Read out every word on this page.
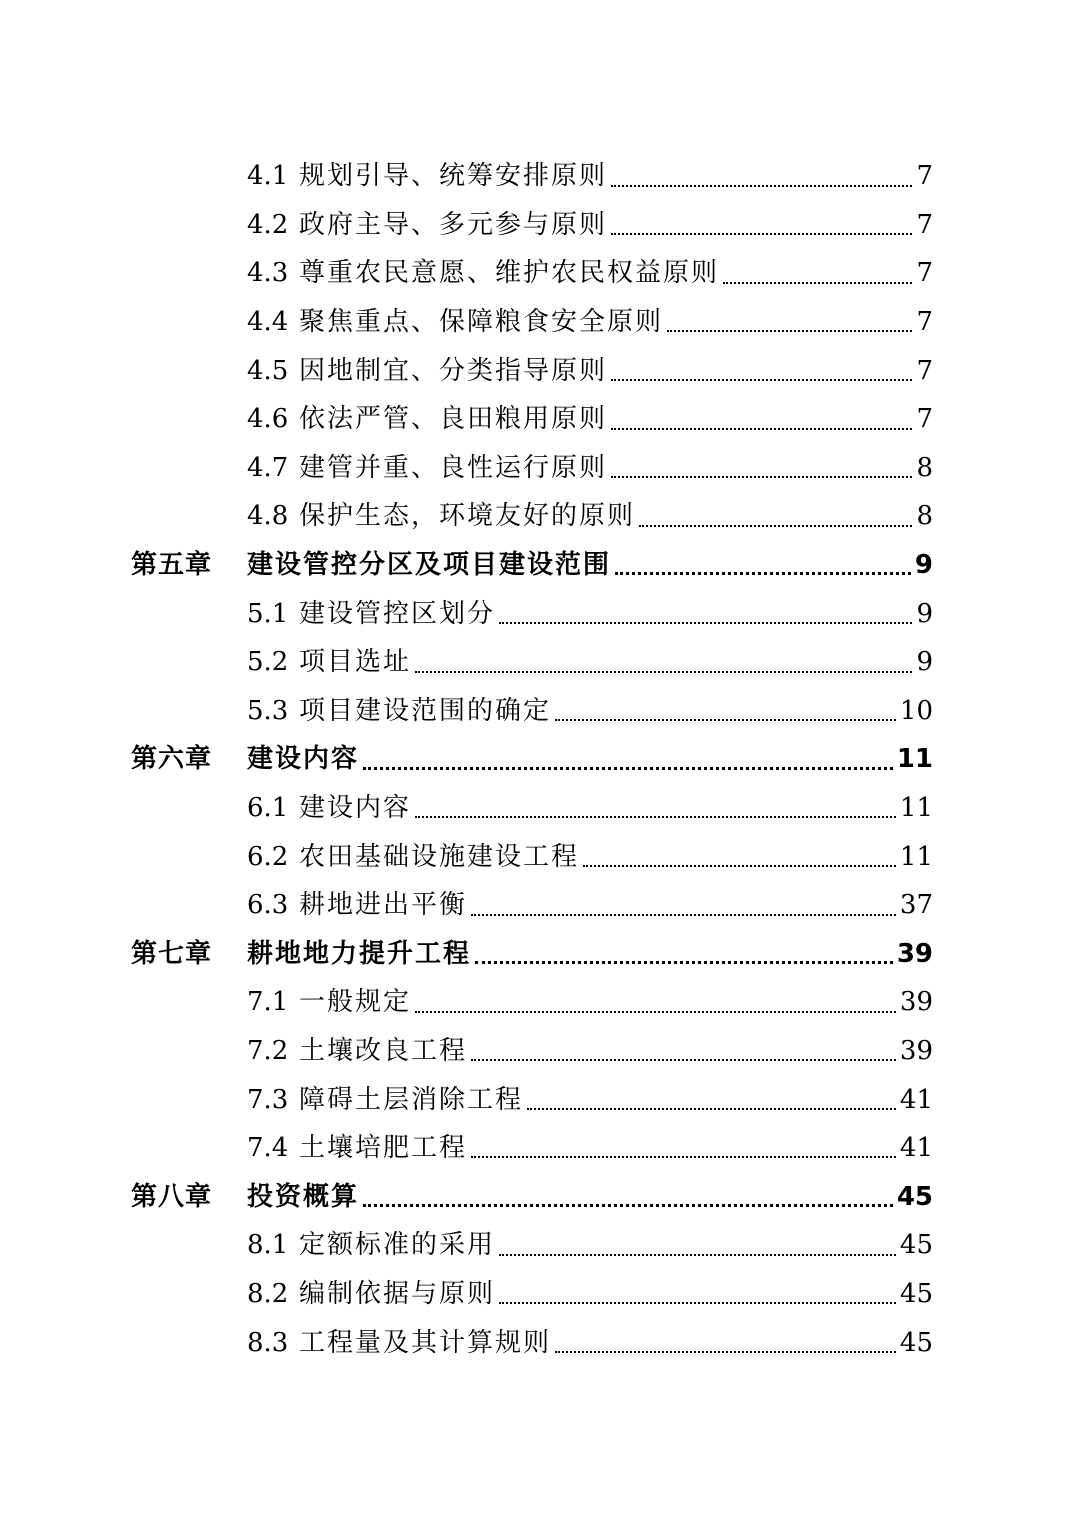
4.1 规划引导、统筹安排原则	7
4.2 政府主导、多元参与原则	7
4.3 尊重农民意愿、维护农民权益原则	7
4.4 聚焦重点、保障粮食安全原则	7
4.5 因地制宜、分类指导原则	7
4.6 依法严管、良田粮用原则	7
4.7 建管并重、良性运行原则	8
4.8 保护生态，环境友好的原则	8
第五章	建设管控分区及项目建设范围	9
5.1 建设管控区划分	9
5.2 项目选址	9
5.3 项目建设范围的确定	10
第六章	建设内容	11
6.1 建设内容	11
6.2 农田基础设施建设工程	11
6.3 耕地进出平衡	37
第七章	耕地地力提升工程	39
7.1 一般规定	39
7.2 土壤改良工程	39
7.3 障碍土层消除工程	41
7.4 土壤培肥工程	41
第八章	投资概算	45
8.1 定额标准的采用	45
8.2 编制依据与原则	45
8.3 工程量及其计算规则	45
